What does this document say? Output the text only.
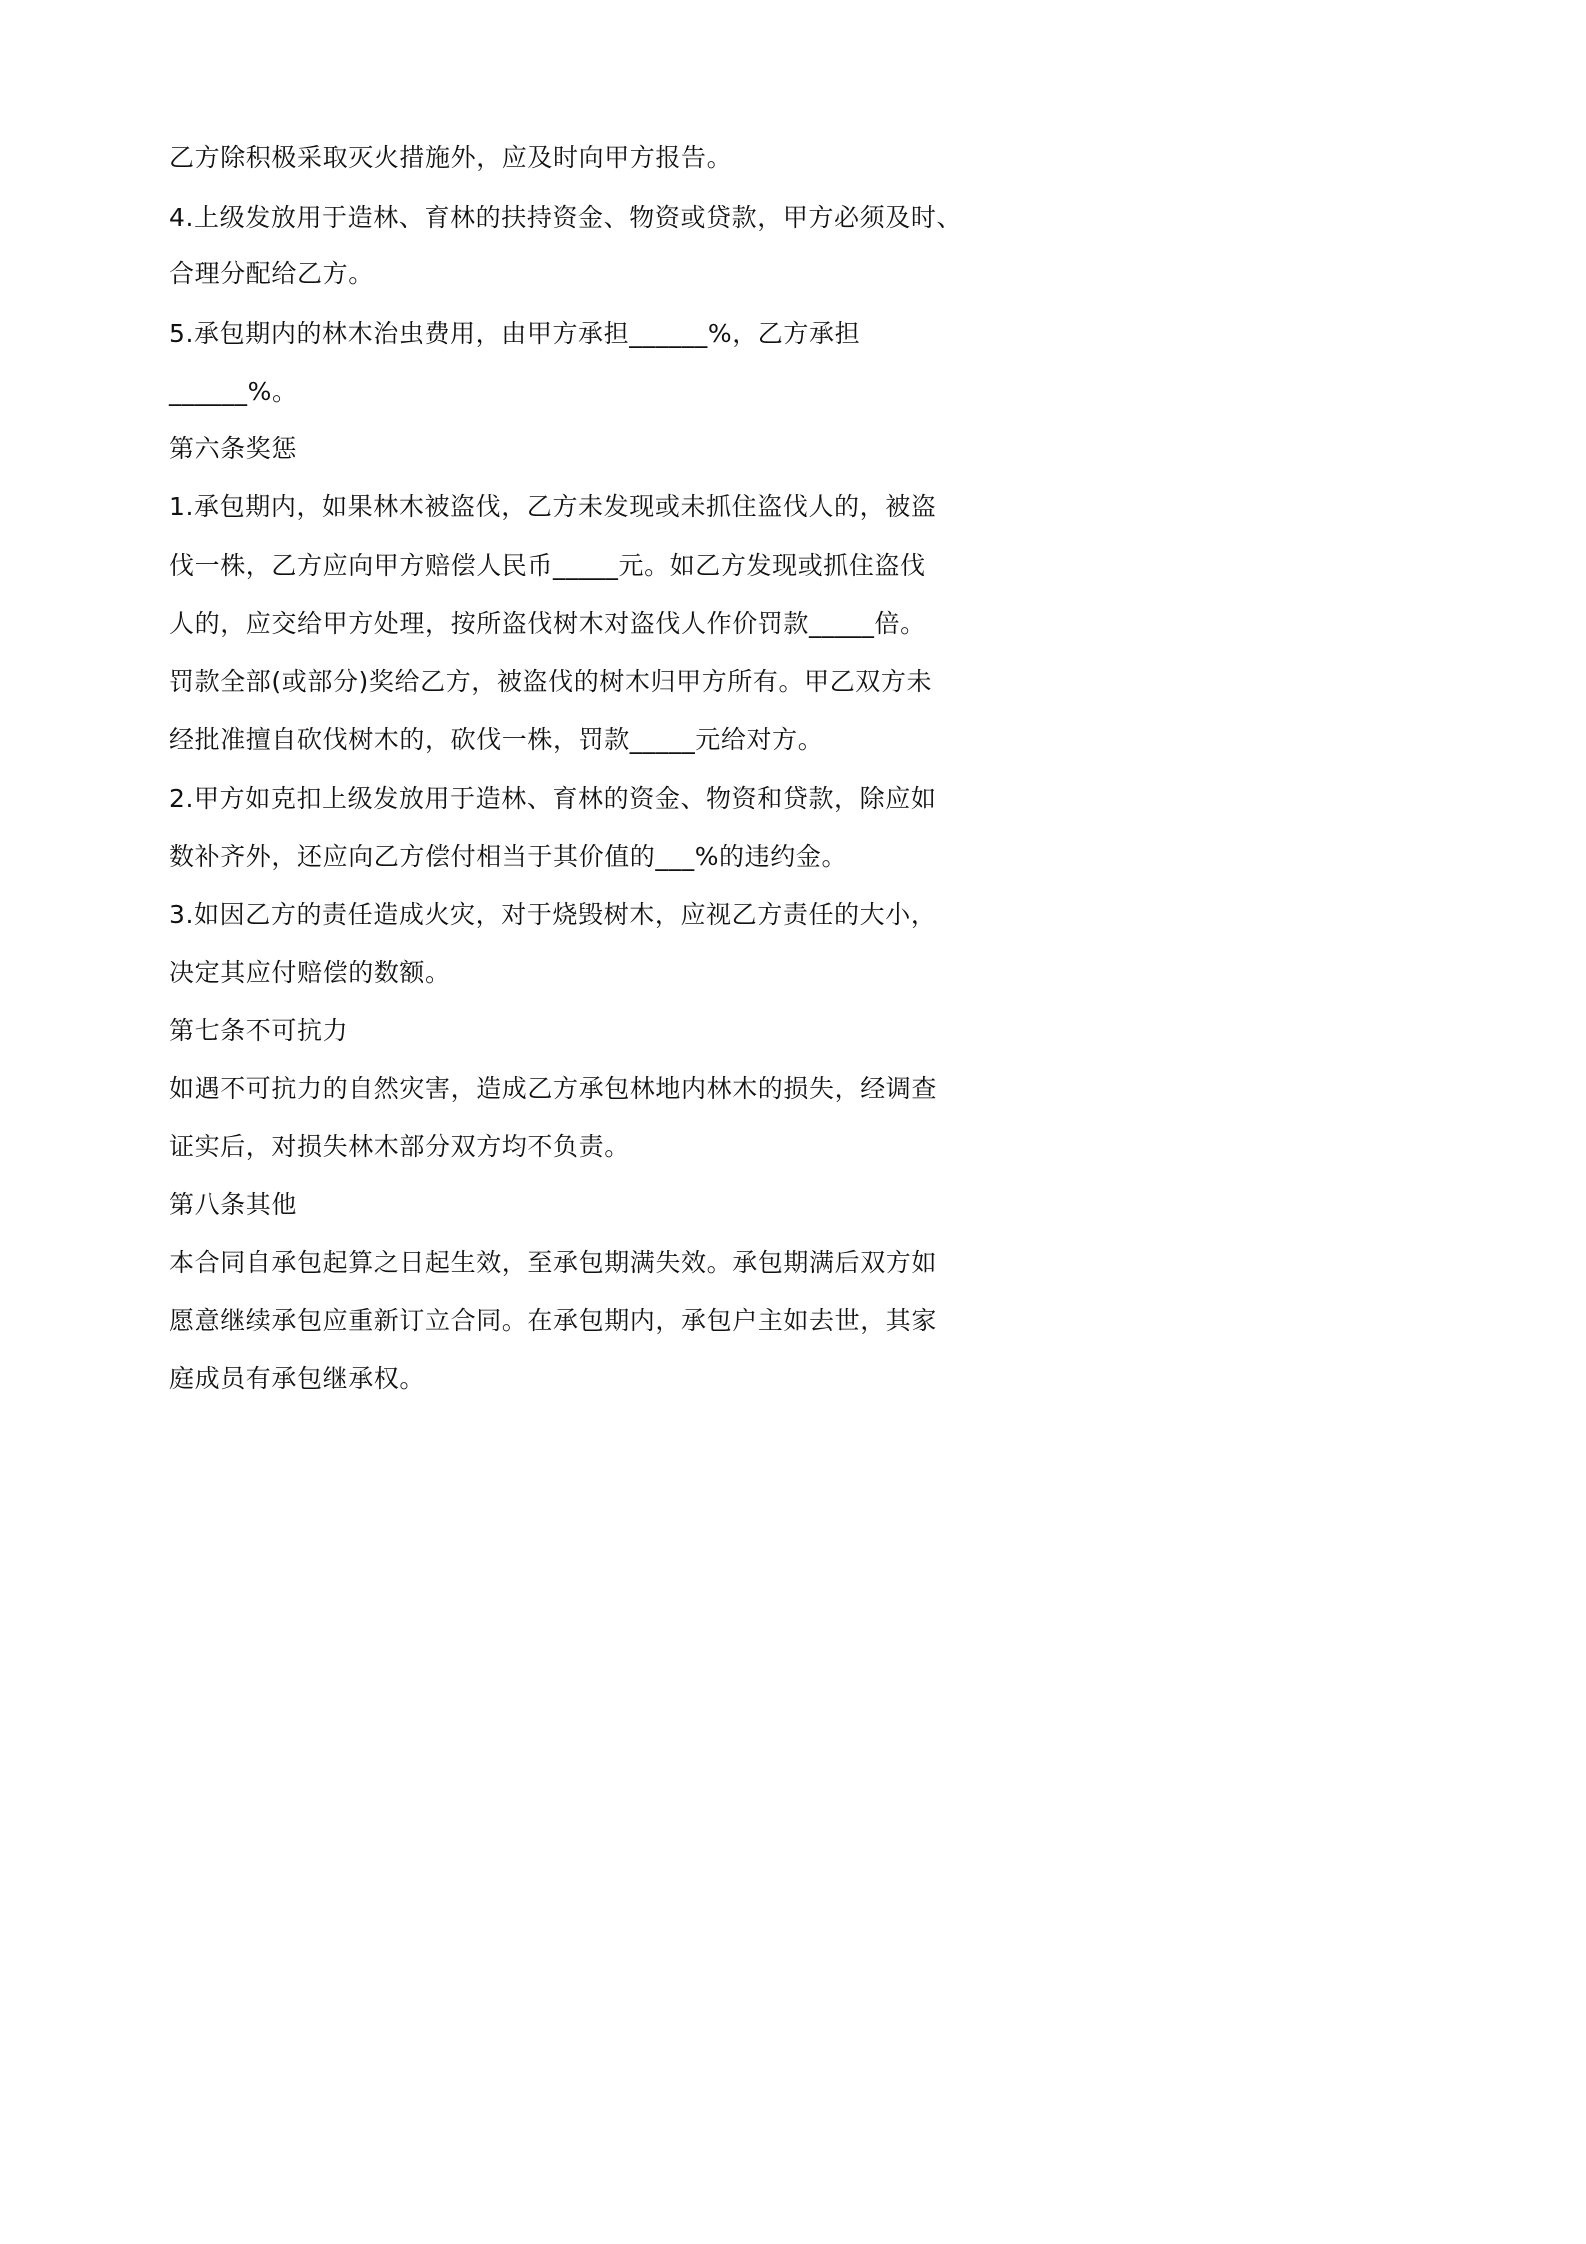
乙方除积极采取灭火措施外，应及时向甲方报告。
4.上级发放用于造林、育林的扶持资金、物资或贷款，甲方必须及时、
合理分配给乙方。
5.承包期内的林木治虫费用，由甲方承担______%，乙方承担
______%。
第六条奖惩
1.承包期内，如果林木被盗伐，乙方未发现或未抓住盗伐人的，被盗
伐一株，乙方应向甲方赔偿人民币_____元。如乙方发现或抓住盗伐
人的，应交给甲方处理，按所盗伐树木对盗伐人作价罚款_____倍。
罚款全部(或部分)奖给乙方，被盗伐的树木归甲方所有。甲乙双方未
经批准擅自砍伐树木的，砍伐一株，罚款_____元给对方。
2.甲方如克扣上级发放用于造林、育林的资金、物资和贷款，除应如
数补齐外，还应向乙方偿付相当于其价值的___%的违约金。
3.如因乙方的责任造成火灾，对于烧毁树木，应视乙方责任的大小，
决定其应付赔偿的数额。
第七条不可抗力
如遇不可抗力的自然灾害，造成乙方承包林地内林木的损失，经调查
证实后，对损失林木部分双方均不负责。
第八条其他
本合同自承包起算之日起生效，至承包期满失效。承包期满后双方如
愿意继续承包应重新订立合同。在承包期内，承包户主如去世，其家
庭成员有承包继承权。
